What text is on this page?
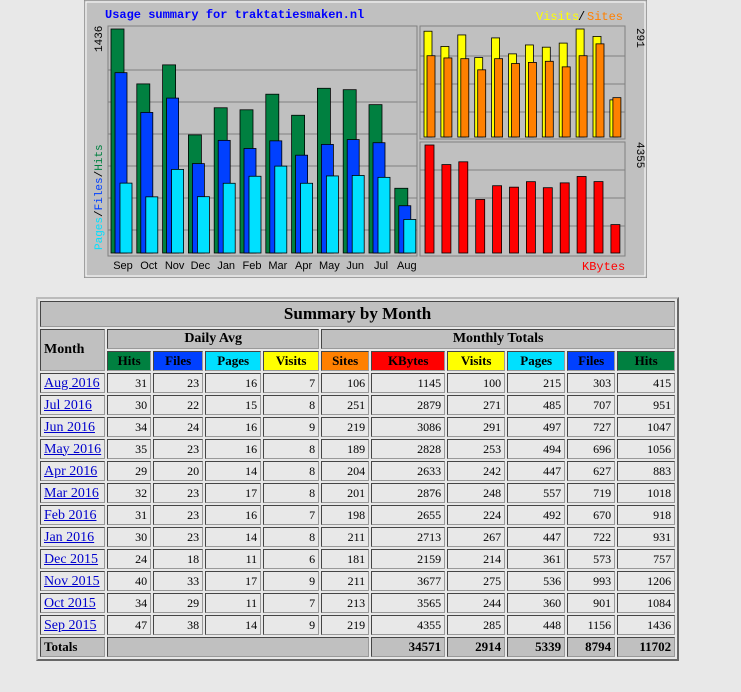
Sep Oct Nov Dec Jan Feb Mar Apr May Jun Jul Aug
Usage summary for traktatiesmaken.nl	Visits
/ Sites
1436
Pages/Files/Hits
291
4355
KBytes
Summary by Month										
Month	Daily Avg				Monthly Totals					
	Hits	Files	Pages	Visits	Sites	KBytes	Visits	Pages	Files	Hits
Aug 2016	31	23	16	7	106	1145	100	215	303	415
Jul 2016	30	22	15	8	251	2879	271	485	707	951
Jun 2016	34	24	16	9	219	3086	291	497	727	1047
May 2016	35	23	16	8	189	2828	253	494	696	1056
Apr 2016	29	20	14	8	204	2633	242	447	627	883
Mar 2016	32	23	17	8	201	2876	248	557	719	1018
Feb 2016	31	23	16	7	198	2655	224	492	670	918
Jan 2016	30	23	14	8	211	2713	267	447	722	931
Dec 2015	24	18	11	6	181	2159	214	361	573	757
Nov 2015	40	33	17	9	211	3677	275	536	993	1206
Oct 2015	34	29	11	7	213	3565	244	360	901	1084
Sep 2015	47	38	14	9	219	4355	285	448	1156	1436
Totals						34571	2914	5339	8794	11702
